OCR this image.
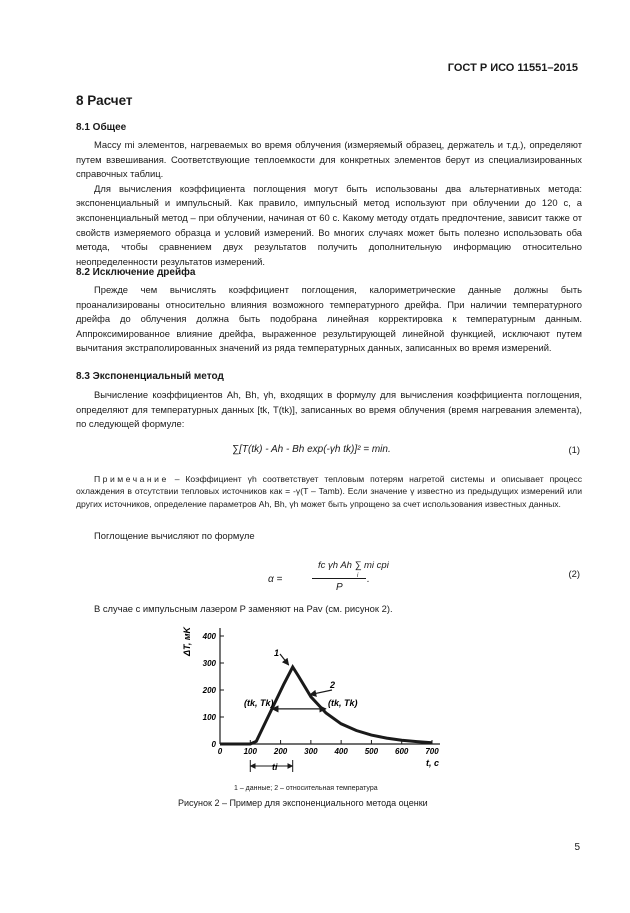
ГОСТ Р ИСО 11551–2015
8 Расчет
8.1 Общее

Массу mi элементов, нагреваемых во время облучения (измеряемый образец, держатель и т.д.), определяют путем взвешивания. Соответствующие теплоемкости для конкретных элементов берут из специализированных справочных таблиц.

Для вычисления коэффициента поглощения могут быть использованы два альтернативных метода: экспоненциальный и импульсный. Как правило, импульсный метод используют при облучении до 120 с, а экспоненциальный метод – при облучении, начиная от 60 с. Какому методу отдать предпочтение, зависит также от свойств измеряемого образца и условий измерений. Во многих случаях может быть полезно использовать оба метода, чтобы сравнением двух результатов получить дополнительную информацию относительно неопределенности результатов измерений.

8.2 Исключение дрейфа

Прежде чем вычислять коэффициент поглощения, калориметрические данные должны быть проанализированы относительно влияния возможного температурного дрейфа. При наличии температурного дрейфа до облучения должна быть подобрана линейная корректировка к температурным данным. Аппроксимированное влияние дрейфа, выраженное результирующей линейной функцией, исключают путем вычитания экстраполированных значений из ряда температурных данных, записанных во время измерений.

8.3 Экспоненциальный метод

Вычисление коэффициентов Ah, Bh, γh, входящих в формулу для вычисления коэффициента поглощения, определяют для температурных данных [tk, T(tk)], записанных во время облучения (время нагревания элемента), по следующей формуле:

∑[T(tk) - Ah - Bh exp(-γh tk)]² = min.	(1)

Примечание – Коэффициент γh соответствует тепловым потерям нагретой системы и описывает процесс охлаждения в отсутствии тепловых источников как = -γ(T – Tamb). Если значение γ известно из предыдущих измерений или других источников, определение параметров Ah, Bh, γh может быть упрощено за счет использования известных данных.

Поглощение вычисляют по формуле

α =
fc γh Ah ∑ mi cpi
i
P
.
(2)

В случае с импульсным лазером P заменяют на Pav (см. рисунок 2).

0	100 200 300 400 500 600 700
0
100
200
300
400
ΔT, мK
t, с
1
2
(tk, Tk)	(tk, Tk)
ti
1 – данные; 2 – относительная температура
Рисунок 2 – Пример для экспоненциального метода оценки
5
